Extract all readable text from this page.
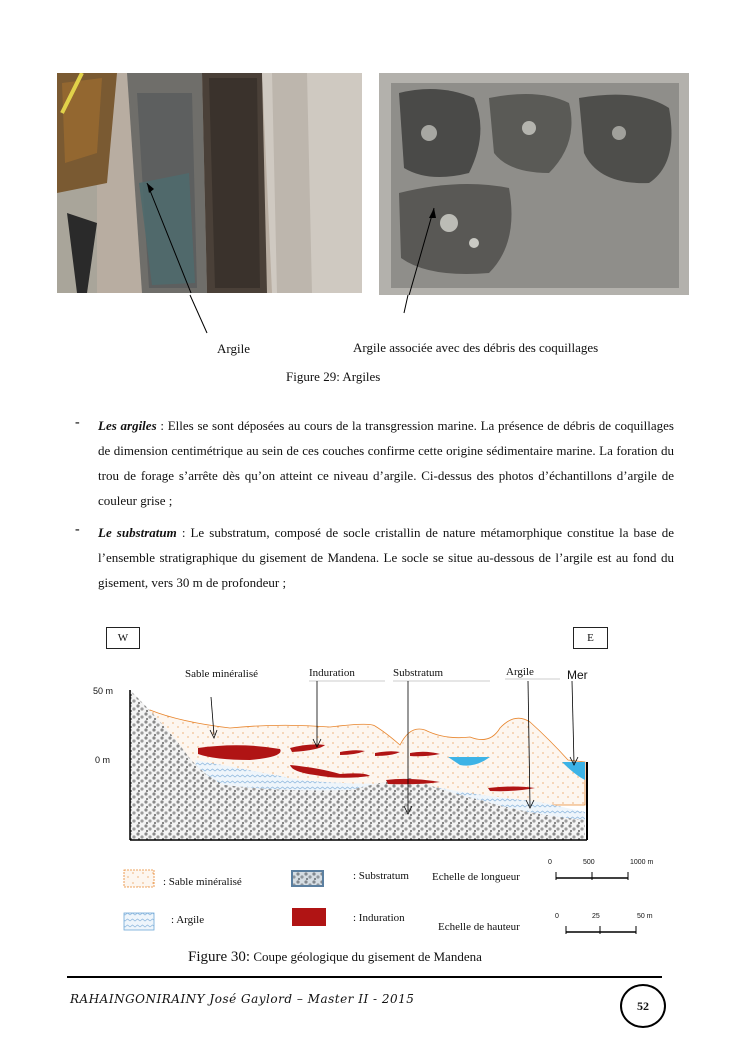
Argile	Argile associée avec des débris des coquillages
Figure 29: Argiles
- Les argiles : Elles se sont déposées au cours de la transgression marine. La présence de débris de coquillages de dimension centimétrique au sein de ces couches confirme cette origine sédimentaire marine. La foration du trou de forage s’arrête dès qu’on atteint ce niveau d’argile. Ci-dessus des photos d’échantillons d’argile de couleur grise ;
- Le substratum : Le substratum, composé de socle cristallin de nature métamorphique constitue la base de l’ensemble stratigraphique du gisement de Mandena. Le socle se situe au-dessous de l’argile est au fond du gisement, vers 30 m de profondeur ;
W	E
Sable minéralisé	Induration	Substratum	Argile	Mer
50 m
0 m
: Sable minéralisé	: Substratum
: Argile	: Induration
Echelle de longueur
Echelle de hauteur
0	500	1000 m
0	25	50 m
Figure 30: Coupe géologique du gisement de Mandena
RAHAINGONIRAINY José Gaylord – Master II - 2015	52
